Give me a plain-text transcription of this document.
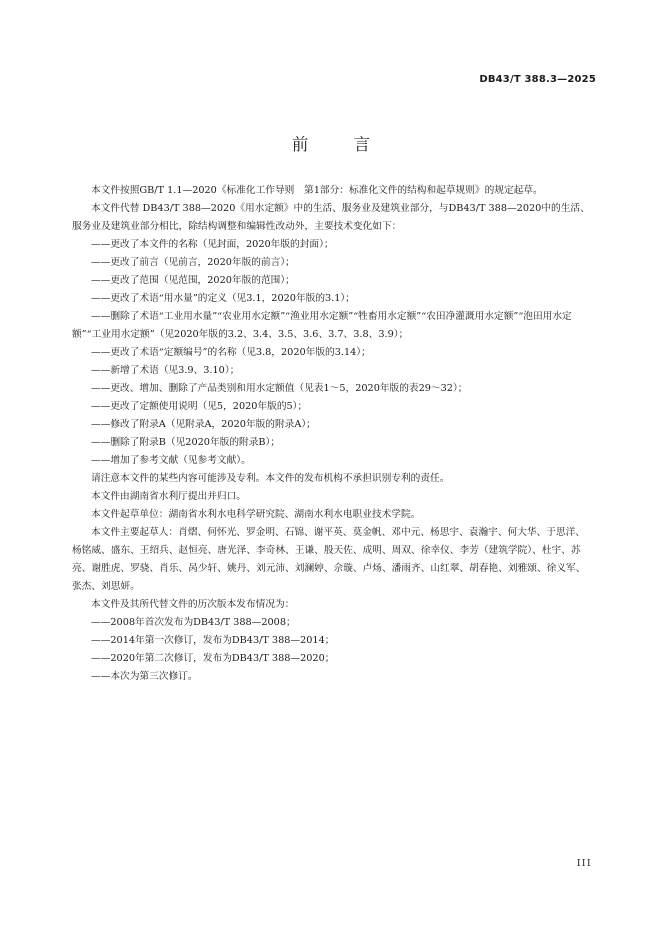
DB43/T 388.3—2025
前 言

本文件按照GB/T 1.1—2020《标准化工作导则　第1部分：标准化文件的结构和起草规则》的规定起草。

本文件代替 DB43/T 388—2020《用水定额》中的生活、服务业及建筑业部分，与DB43/T 388—2020中的生活、服务业及建筑业部分相比，除结构调整和编辑性改动外，主要技术变化如下：

——更改了本文件的名称（见封面，2020年版的封面）；

——更改了前言（见前言，2020年版的前言）；

——更改了范围（见范围，2020年版的范围）；

——更改了术语“用水量”的定义（见3.1，2020年版的3.1）；

——删除了术语“工业用水量”“农业用水定额”“渔业用水定额”“牲畜用水定额”“农田净灌溉用水定额”“泡田用水定额”“工业用水定额”（见2020年版的3.2、3.4、3.5、3.6、3.7、3.8、3.9）；

——更改了术语“定额编号”的名称（见3.8，2020年版的3.14）；

——新增了术语（见3.9、3.10）；

——更改、增加、删除了产品类别和用水定额值（见表1～5，2020年版的表29～32）；

——更改了定额使用说明（见5，2020年版的5）；

——修改了附录A（见附录A，2020年版的附录A）；

——删除了附录B（见2020年版的附录B）；

——增加了参考文献（见参考文献）。

请注意本文件的某些内容可能涉及专利。本文件的发布机构不承担识别专利的责任。

本文件由湖南省水利厅提出并归口。

本文件起草单位：湖南省水利水电科学研究院、湖南水利水电职业技术学院。

本文件主要起草人：肖熠、何怀光、罗金明、石锦、谢平英、莫金帆、邓中元、杨思宇、袁瀚宇、何大华、于思洋、杨铭威、盛东、王绍兵、赵恒亮、唐光泽、李奇林、王谦、殷天佐、成明、周双、徐幸仪、李芳（建筑学院）、杜宇、苏亮、谢胜虎、罗骁、肖乐、呙少轩、姚丹、刘元沛、刘澜婷、佘璇、卢炀、潘雨齐、山红翠、胡春艳、刘雅颂、徐义军、张杰、刘思妍。

本文件及其所代替文件的历次版本发布情况为：

——2008年首次发布为DB43/T 388—2008；

——2014年第一次修订，发布为DB43/T 388—2014；

——2020年第二次修订，发布为DB43/T 388—2020；

——本次为第三次修订。

III
